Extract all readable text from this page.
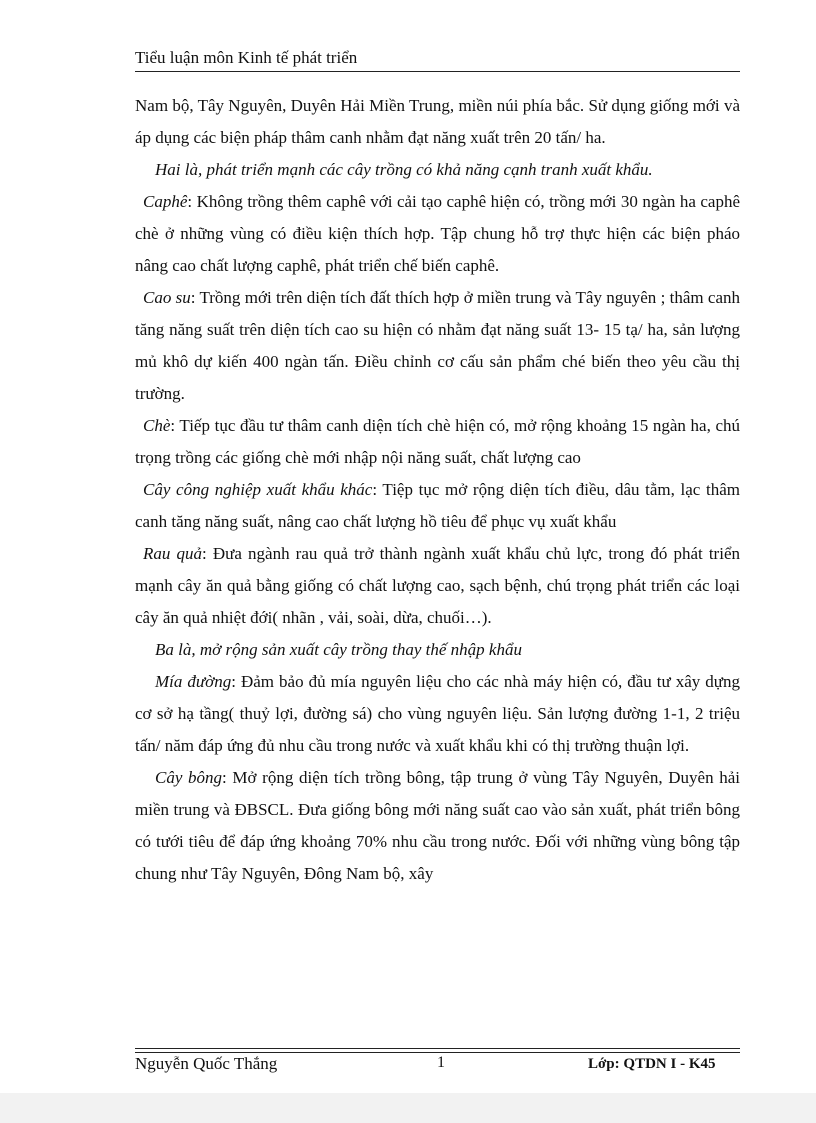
Tiểu luận môn Kinh tế phát triển

Nam bộ, Tây Nguyên, Duyên Hải Miền Trung, miền núi phía bắc. Sử dụng giống mới và áp dụng các biện pháp thâm canh nhằm đạt năng xuất trên 20 tấn/ ha.

Hai là, phát triển mạnh các cây trồng có khả năng cạnh tranh xuất khẩu.

Caphê: Không trồng thêm caphê với cải tạo caphê hiện có, trồng mới 30 ngàn ha caphê chè ở những vùng có điều kiện thích hợp. Tập chung hỗ trợ thực hiện các biện pháo nâng cao chất lượng caphê, phát triển chế biến caphê.

Cao su: Trồng mới trên diện tích đất thích hợp ở miền trung và Tây nguyên ; thâm canh tăng năng suất trên diện tích cao su hiện có nhằm đạt năng suất 13- 15 tạ/ ha, sản lượng mủ khô dự kiến 400 ngàn tấn. Điều chỉnh cơ cấu sản phẩm ché biến theo yêu cầu thị trường.

Chè: Tiếp tục đầu tư thâm canh diện tích chè hiện có, mở rộng khoảng 15 ngàn ha, chú trọng trồng các giống chè mới nhập nội năng suất, chất lượng cao

Cây công nghiệp xuất khẩu khác: Tiệp tục mở rộng diện tích điều, dâu tằm, lạc thâm canh tăng năng suất, nâng cao chất lượng hồ tiêu để phục vụ xuất khẩu

Rau quả: Đưa ngành rau quả trở thành ngành xuất khẩu chủ lực, trong đó phát triển mạnh cây ăn quả bằng giống có chất lượng cao, sạch bệnh, chú trọng phát triển các loại cây ăn quả nhiệt đới( nhãn , vải, soài, dừa, chuối…).

Ba là, mở rộng sản xuất cây trồng thay thế nhập khẩu

Mía đường: Đảm bảo đủ mía nguyên liệu cho các nhà máy hiện có, đầu tư xây dựng cơ sở hạ tầng( thuỷ lợi, đường sá) cho vùng nguyên liệu. Sản lượng đường 1-1, 2 triệu tấn/ năm đáp ứng đủ nhu cầu trong nước và xuất khẩu khi có thị trường thuận lợi.

Cây bông: Mở rộng diện tích trồng bông, tập trung ở vùng Tây Nguyên, Duyên hải miền trung và ĐBSCL. Đưa giống bông mới năng suất cao vào sản xuất, phát triển bông có tưới tiêu để đáp ứng khoảng 70% nhu cầu trong nước. Đối với những vùng bông tập chung như Tây Nguyên, Đông Nam bộ, xây

Nguyễn Quốc Thắng	1	Lớp: QTDN I - K45
